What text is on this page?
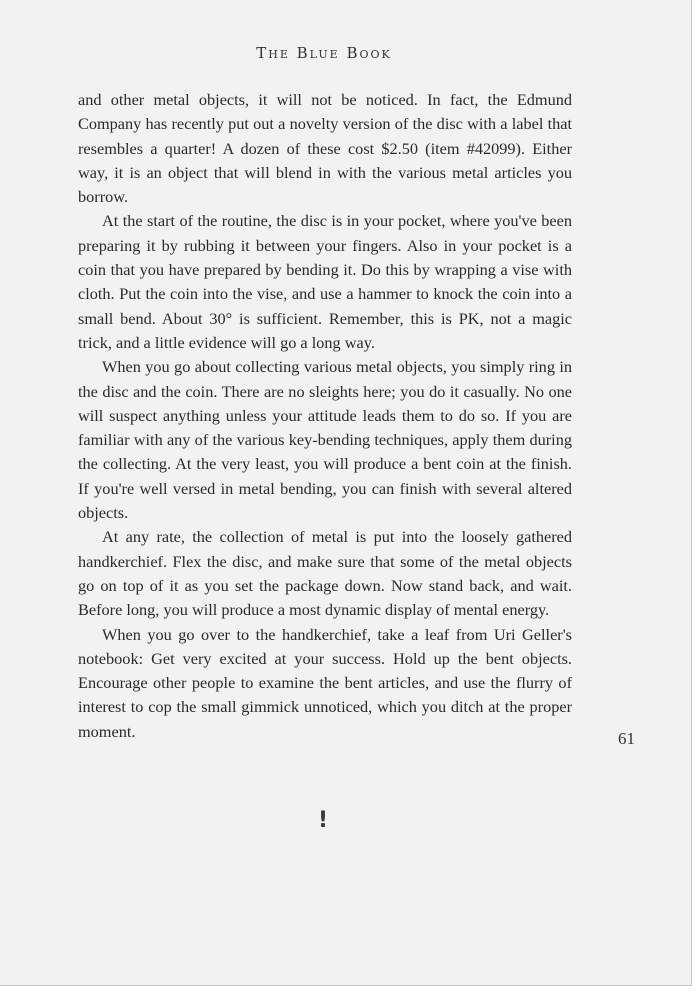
The Blue Book

and other metal objects, it will not be noticed. In fact, the Edmund Company has recently put out a novelty version of the disc with a label that resembles a quarter! A dozen of these cost $2.50 (item #42099). Either way, it is an object that will blend in with the various metal articles you borrow.

At the start of the routine, the disc is in your pocket, where you've been preparing it by rubbing it between your fingers. Also in your pocket is a coin that you have prepared by bending it. Do this by wrapping a vise with cloth. Put the coin into the vise, and use a hammer to knock the coin into a small bend. About 30° is sufficient. Remember, this is PK, not a magic trick, and a little evidence will go a long way.

When you go about collecting various metal objects, you simply ring in the disc and the coin. There are no sleights here; you do it casually. No one will suspect anything unless your attitude leads them to do so. If you are familiar with any of the various key-bending techniques, apply them during the collecting. At the very least, you will produce a bent coin at the finish. If you're well versed in metal bending, you can finish with several altered objects.

At any rate, the collection of metal is put into the loosely gathered handkerchief. Flex the disc, and make sure that some of the metal objects go on top of it as you set the package down. Now stand back, and wait. Before long, you will produce a most dynamic display of mental energy.

When you go over to the handkerchief, take a leaf from Uri Geller's notebook: Get very excited at your success. Hold up the bent objects. Encourage other people to examine the bent articles, and use the flurry of interest to cop the small gimmick unnoticed, which you ditch at the proper moment.	61
!
